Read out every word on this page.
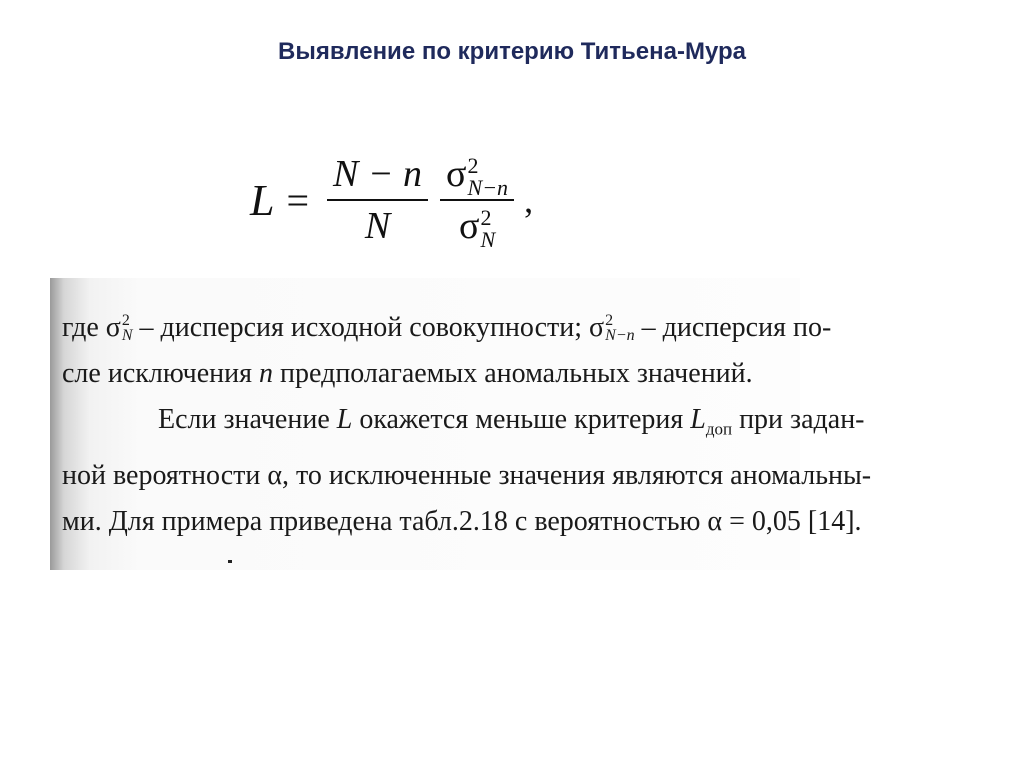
Выявление по критерию Титьена-Мура
$L = \frac{N - n}{N}$ σ 2
N−n
σ 2
N ,
где σ 2
N – дисперсия исходной совокупности; σ 2
N−n – дисперсия по-
сле исключения n предполагаемых аномальных значений.
Если значение L окажется меньше критерия $L_{доп}$ при задан-
ной вероятности α, то исключенные значения являются аномальны-
ми. Для примера приведена табл.2.18 с вероятностью α = 0,05 [14].
